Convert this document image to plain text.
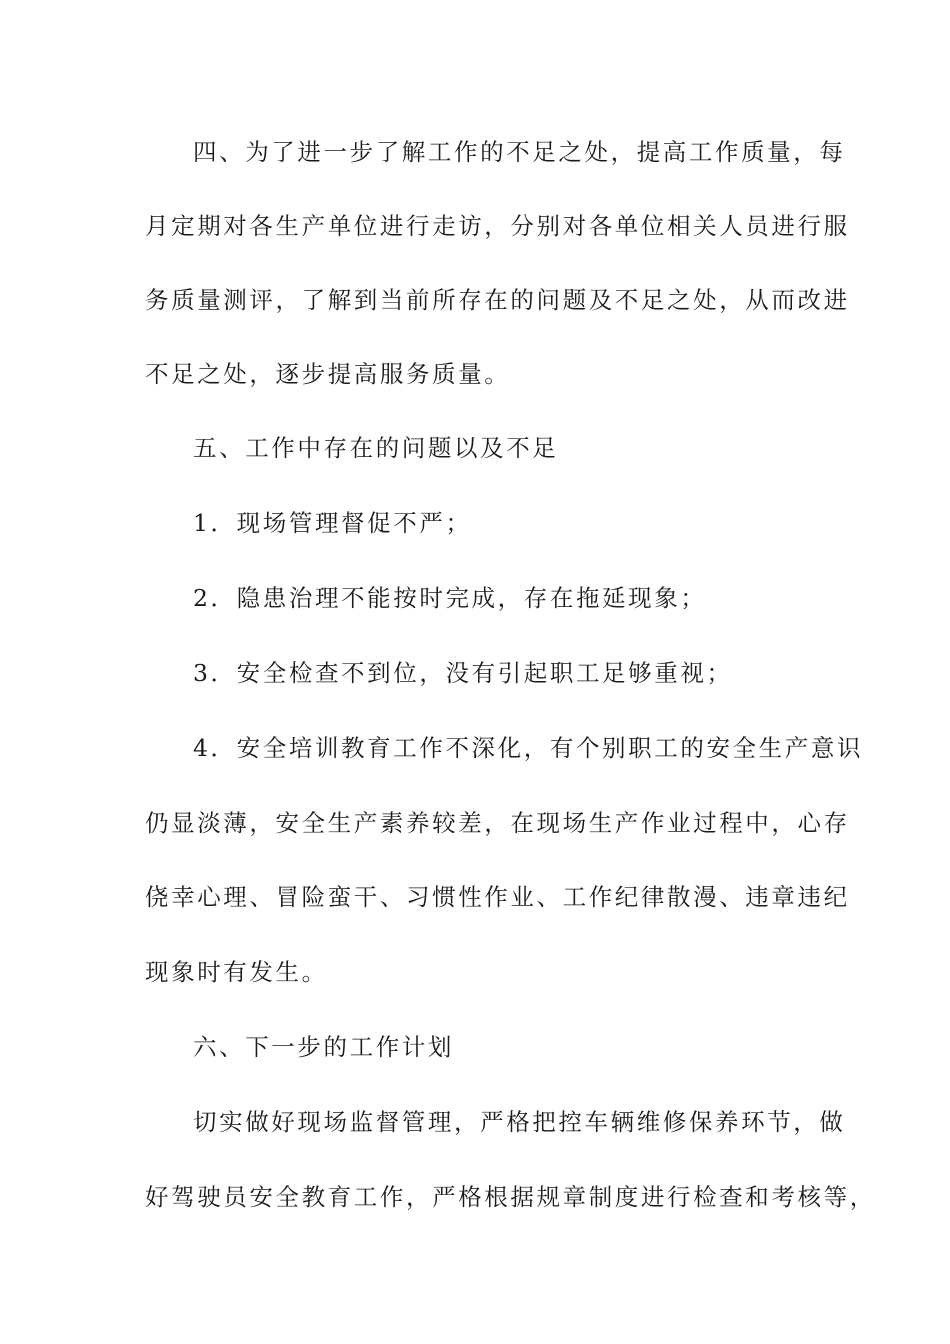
四、为了进一步了解工作的不足之处，提高工作质量，每
月定期对各生产单位进行走访，分别对各单位相关人员进行服
务质量测评，了解到当前所存在的问题及不足之处，从而改进
不足之处，逐步提高服务质量。
五、工作中存在的问题以及不足
1．现场管理督促不严；
2．隐患治理不能按时完成，存在拖延现象；
3．安全检查不到位，没有引起职工足够重视；
4．安全培训教育工作不深化，有个别职工的安全生产意识
仍显淡薄，安全生产素养较差，在现场生产作业过程中，心存
侥幸心理、冒险蛮干、习惯性作业、工作纪律散漫、违章违纪
现象时有发生。
六、下一步的工作计划
切实做好现场监督管理，严格把控车辆维修保养环节，做
好驾驶员安全教育工作，严格根据规章制度进行检查和考核等，
